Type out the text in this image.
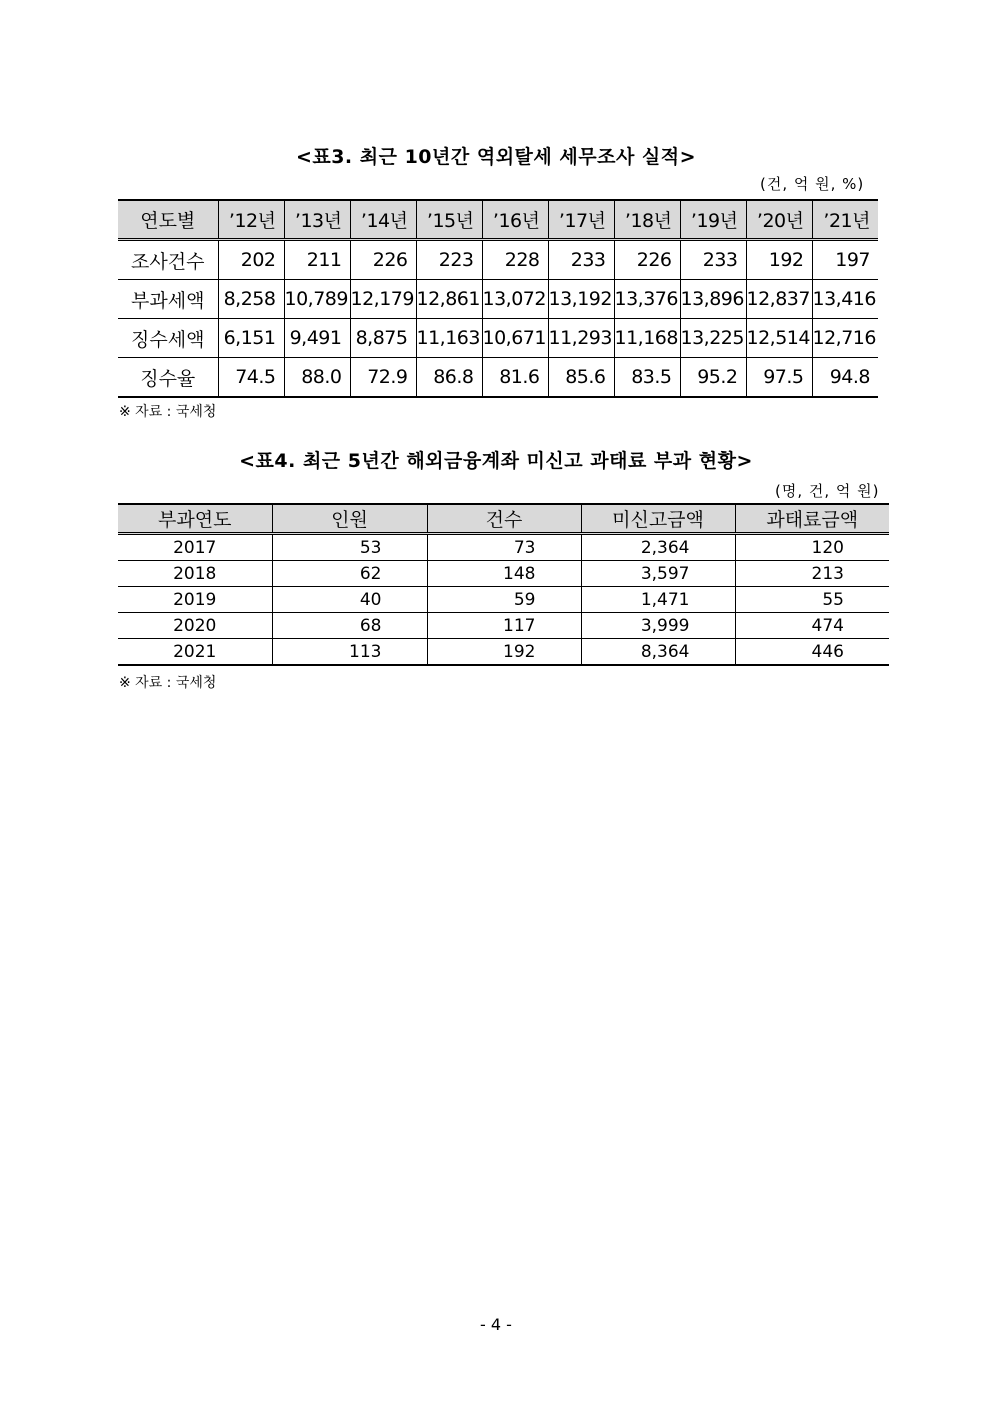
<표3. 최근 10년간 역외탈세 세무조사 실적>
(건, 억 원, %)
연도별	’12년	’13년	’14년	’15년	’16년	’17년	’18년	’19년	’20년	’21년
조사건수	202	211	226	223	228	233	226	233	192	197
부과세액	8,258	10,789	12,179	12,861	13,072	13,192	13,376	13,896	12,837	13,416
징수세액	6,151	9,491	8,875	11,163	10,671	11,293	11,168	13,225	12,514	12,716
징수율	74.5	88.0	72.9	86.8	81.6	85.6	83.5	95.2	97.5	94.8
※ 자료 : 국세청
<표4. 최근 5년간 해외금융계좌 미신고 과태료 부과 현황>
(명, 건, 억 원)
부과연도	인원	건수	미신고금액	과태료금액
2017	53	73	2,364	120
2018	62	148	3,597	213
2019	40	59	1,471	55
2020	68	117	3,999	474
2021	113	192	8,364	446
※ 자료 : 국세청
- 4 -
